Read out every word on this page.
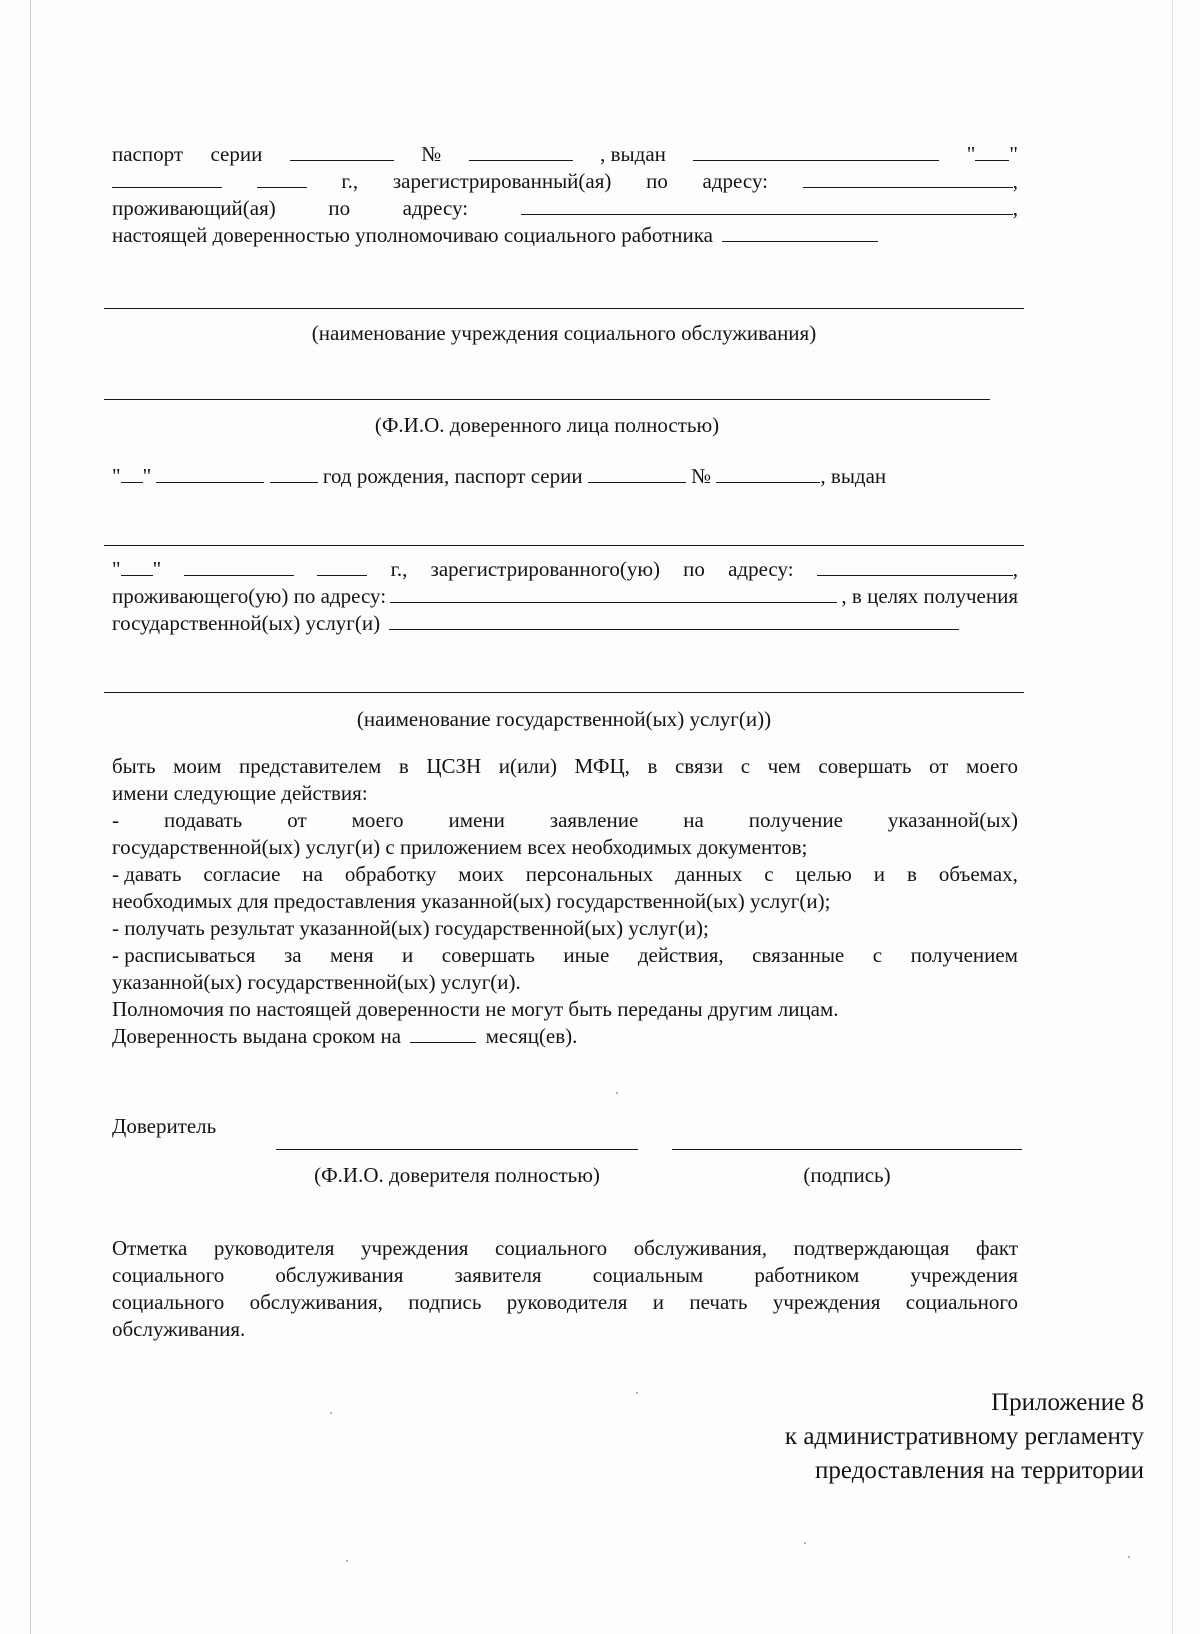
паспорт серии	№	, выдан	" "
г., зарегистрированный(ая) по адресу:	,
проживающий(ая)	по	адресу:	,
настоящей доверенностью уполномочиваю социального работника
(наименование учреждения социального обслуживания)
(Ф.И.О. доверенного лица полностью)
" "	год рождения, паспорт серии	№	, выдан
" "	г., зарегистрированного(ую) по адресу:	,
проживающего(ую) по адресу:	, в целях получения
государственной(ых) услуг(и)
(наименование государственной(ых) услуг(и))
быть моим представителем в ЦСЗН и(или) МФЦ, в связи с чем совершать от моего
имени следующие действия:
- подавать от моего имени заявление на получение указанной(ых)
государственной(ых) услуг(и) с приложением всех необходимых документов;
- давать согласие на обработку моих персональных данных с целью и в объемах,
необходимых для предоставления указанной(ых) государственной(ых) услуг(и);
- получать результат указанной(ых) государственной(ых) услуг(и);
- расписываться за меня и совершать иные действия, связанные с получением
указанной(ых) государственной(ых) услуг(и).
Полномочия по настоящей доверенности не могут быть переданы другим лицам.
Доверенность выдана сроком на	месяц(ев).
Доверитель
(Ф.И.О. доверителя полностью)	(подпись)
Отметка руководителя учреждения социального обслуживания, подтверждающая факт
социального обслуживания заявителя социальным работником учреждения
социального обслуживания, подпись руководителя и печать учреждения социального
обслуживания.
Приложение 8
к административному регламенту
предоставления на территории
